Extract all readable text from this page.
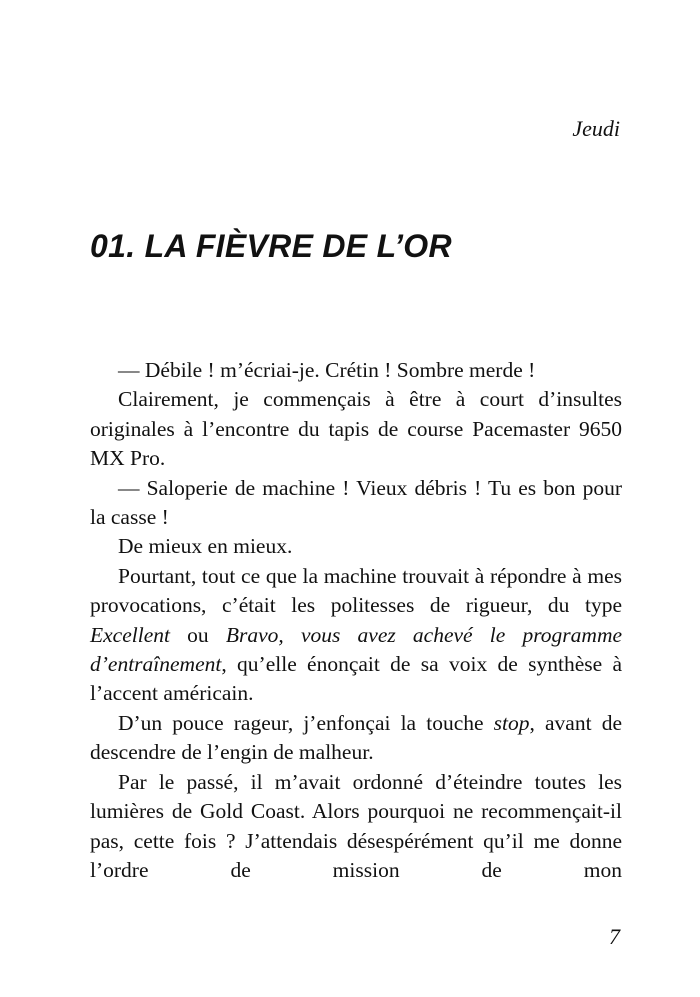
Jeudi
01. LA FIÈVRE DE L’OR

— Débile ! m’écriai-je. Crétin ! Sombre merde !

Clairement, je commençais à être à court d’insultes originales à l’encontre du tapis de course Pacemaster 9650 MX Pro.

— Saloperie de machine ! Vieux débris ! Tu es bon pour la casse !

De mieux en mieux.

Pourtant, tout ce que la machine trouvait à répondre à mes provocations, c’était les politesses de rigueur, du type Excellent ou Bravo, vous avez achevé le programme d’entraînement, qu’elle énonçait de sa voix de synthèse à l’accent américain.

D’un pouce rageur, j’enfonçai la touche stop, avant de descendre de l’engin de malheur.

Par le passé, il m’avait ordonné d’éteindre toutes les lumières de Gold Coast. Alors pourquoi ne recommençait-il pas, cette fois ? J’attendais désespérément qu’il me donne l’ordre de mission de mon

7
